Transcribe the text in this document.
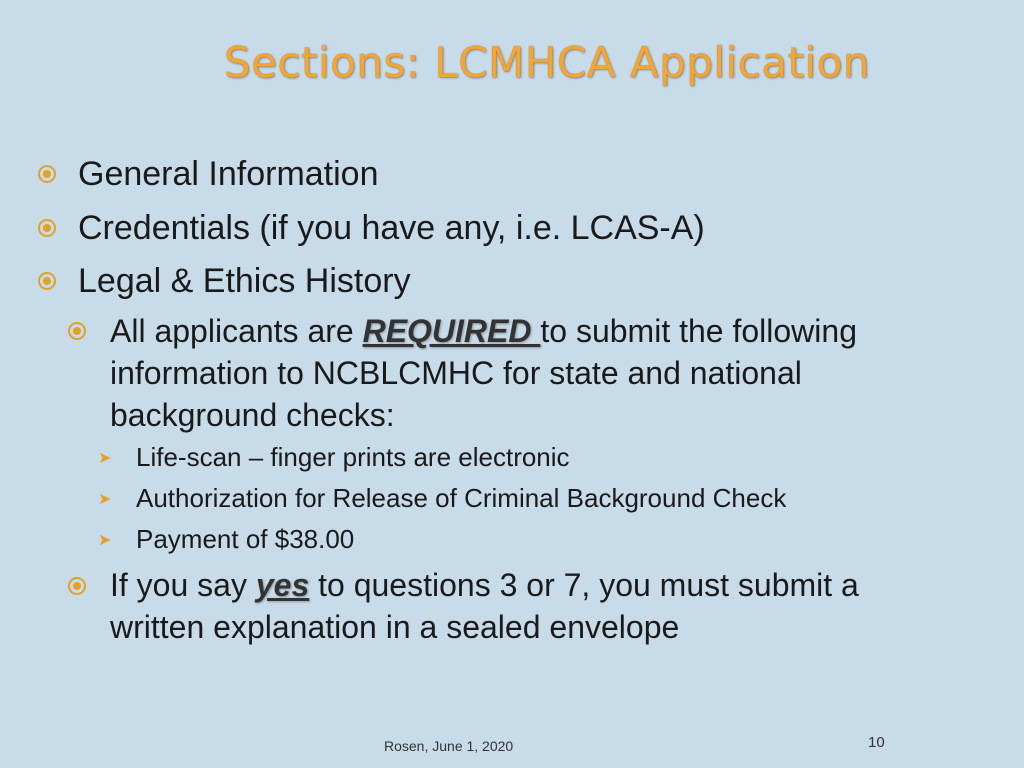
Sections: LCMHCA Application
General Information
Credentials (if you have any, i.e. LCAS-A)
Legal & Ethics History
All applicants are REQUIRED to submit the following
information to NCBLCMHC for state and national
background checks:
➤ Life-scan – finger prints are electronic
➤ Authorization for Release of Criminal Background Check
➤ Payment of $38.00
If you say yes to questions 3 or 7, you must submit a
written explanation in a sealed envelope
Rosen, June 1, 2020	10
